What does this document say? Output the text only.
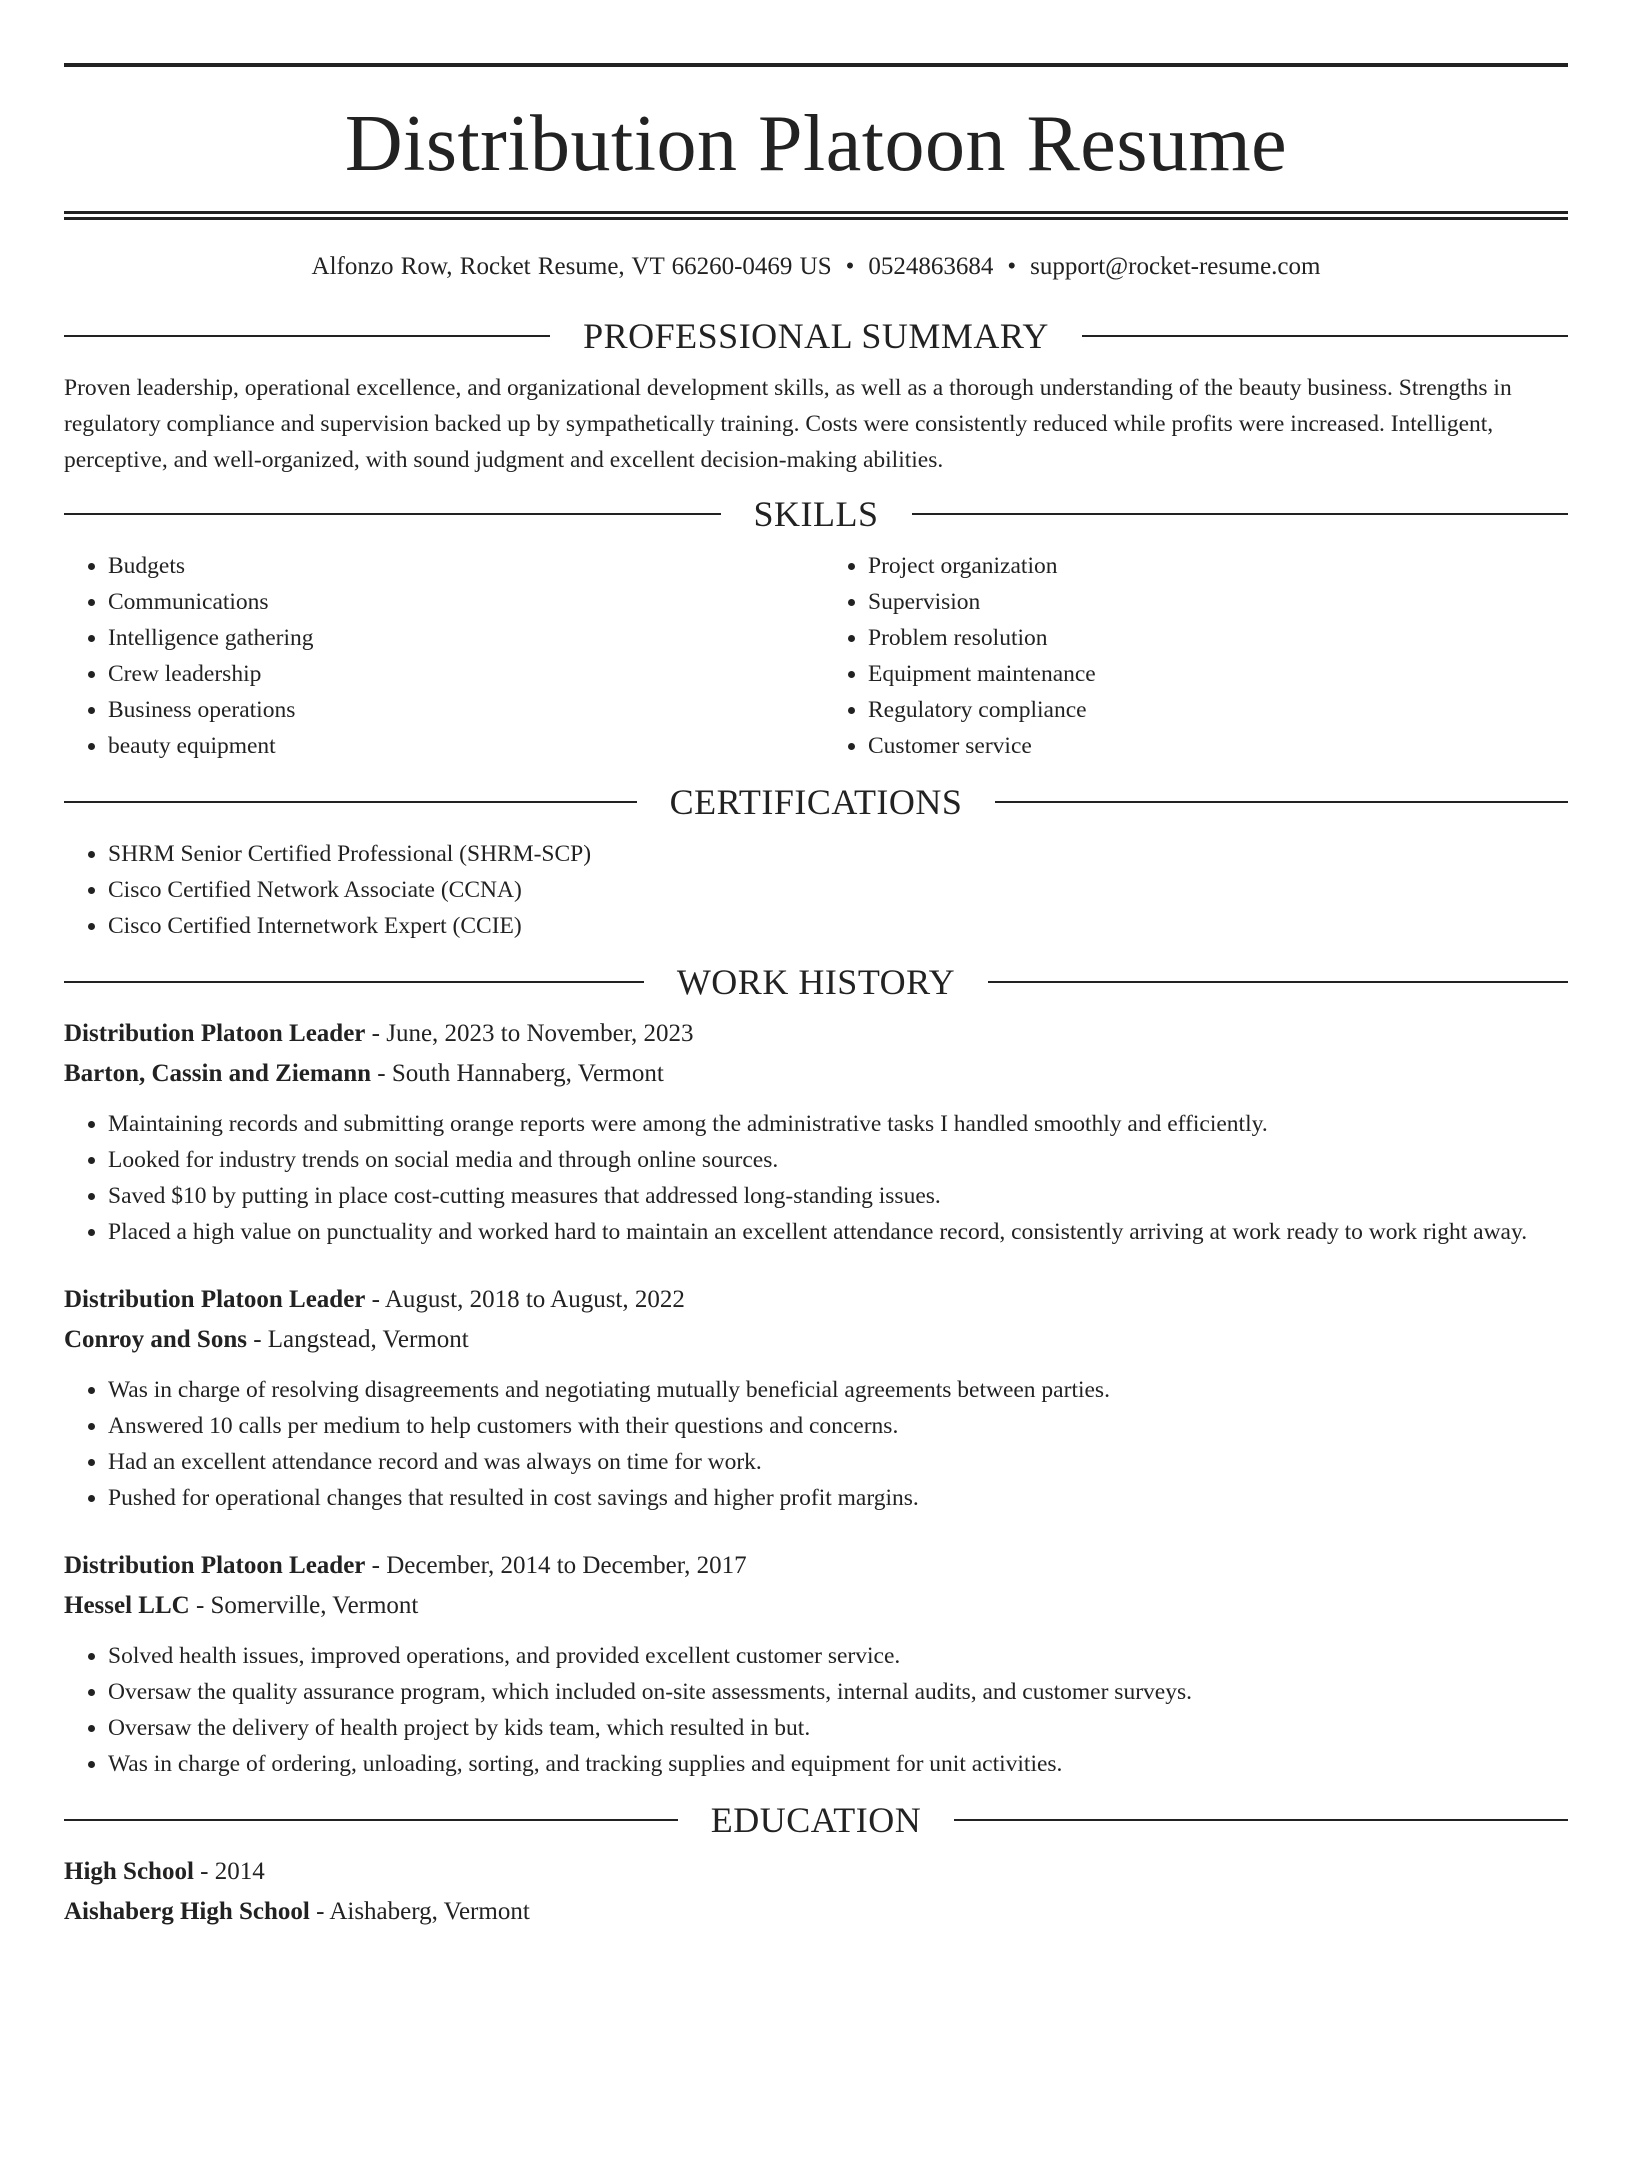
Distribution Platoon Resume
Alfonzo Row, Rocket Resume, VT 66260-0469 US • 0524863684 • support@rocket-resume.com
PROFESSIONAL SUMMARY

Proven leadership, operational excellence, and organizational development skills, as well as a thorough understanding of the beauty business. Strengths in regulatory compliance and supervision backed up by sympathetically training. Costs were consistently reduced while profits were increased. Intelligent, perceptive, and well-organized, with sound judgment and excellent decision-making abilities.

SKILLS
• Budgets
• Communications
• Intelligence gathering
• Crew leadership
• Business operations
• beauty equipment
• Project organization
• Supervision
• Problem resolution
• Equipment maintenance
• Regulatory compliance
• Customer service
CERTIFICATIONS
• SHRM Senior Certified Professional (SHRM-SCP)
• Cisco Certified Network Associate (CCNA)
• Cisco Certified Internetwork Expert (CCIE)
WORK HISTORY
Distribution Platoon Leader - June, 2023 to November, 2023
Barton, Cassin and Ziemann - South Hannaberg, Vermont
• Maintaining records and submitting orange reports were among the administrative tasks I handled smoothly and efficiently.
• Looked for industry trends on social media and through online sources.
• Saved $10 by putting in place cost-cutting measures that addressed long-standing issues.
• Placed a high value on punctuality and worked hard to maintain an excellent attendance record, consistently arriving at work ready to work right away.
Distribution Platoon Leader - August, 2018 to August, 2022
Conroy and Sons - Langstead, Vermont
• Was in charge of resolving disagreements and negotiating mutually beneficial agreements between parties.
• Answered 10 calls per medium to help customers with their questions and concerns.
• Had an excellent attendance record and was always on time for work.
• Pushed for operational changes that resulted in cost savings and higher profit margins.
Distribution Platoon Leader - December, 2014 to December, 2017
Hessel LLC - Somerville, Vermont
• Solved health issues, improved operations, and provided excellent customer service.
• Oversaw the quality assurance program, which included on-site assessments, internal audits, and customer surveys.
• Oversaw the delivery of health project by kids team, which resulted in but.
• Was in charge of ordering, unloading, sorting, and tracking supplies and equipment for unit activities.
EDUCATION
High School - 2014
Aishaberg High School - Aishaberg, Vermont
